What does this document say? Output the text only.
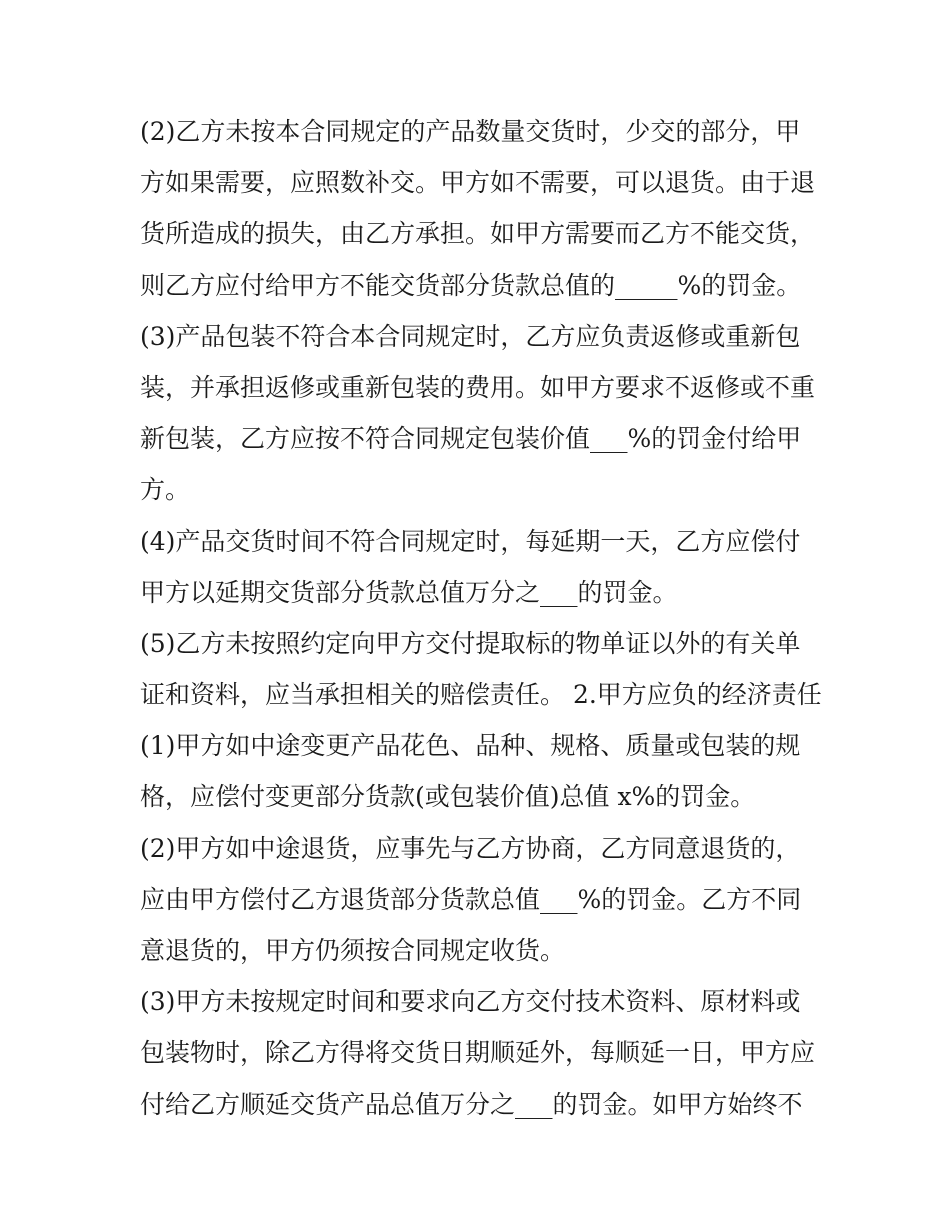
(2)乙方未按本合同规定的产品数量交货时，少交的部分，甲
方如果需要，应照数补交。甲方如不需要，可以退货。由于退
货所造成的损失，由乙方承担。如甲方需要而乙方不能交货，
则乙方应付给甲方不能交货部分货款总值的_____%的罚金。
(3)产品包装不符合本合同规定时，乙方应负责返修或重新包
装，并承担返修或重新包装的费用。如甲方要求不返修或不重
新包装，乙方应按不符合同规定包装价值___%的罚金付给甲
方。
(4)产品交货时间不符合同规定时，每延期一天，乙方应偿付
甲方以延期交货部分货款总值万分之___的罚金。
(5)乙方未按照约定向甲方交付提取标的物单证以外的有关单
证和资料，应当承担相关的赔偿责任。 2.甲方应负的经济责任
(1)甲方如中途变更产品花色、品种、规格、质量或包装的规
格，应偿付变更部分货款(或包装价值)总值 x%的罚金。
(2)甲方如中途退货，应事先与乙方协商，乙方同意退货的，
应由甲方偿付乙方退货部分货款总值___%的罚金。乙方不同
意退货的，甲方仍须按合同规定收货。
(3)甲方未按规定时间和要求向乙方交付技术资料、原材料或
包装物时，除乙方得将交货日期顺延外，每顺延一日，甲方应
付给乙方顺延交货产品总值万分之___的罚金。如甲方始终不
